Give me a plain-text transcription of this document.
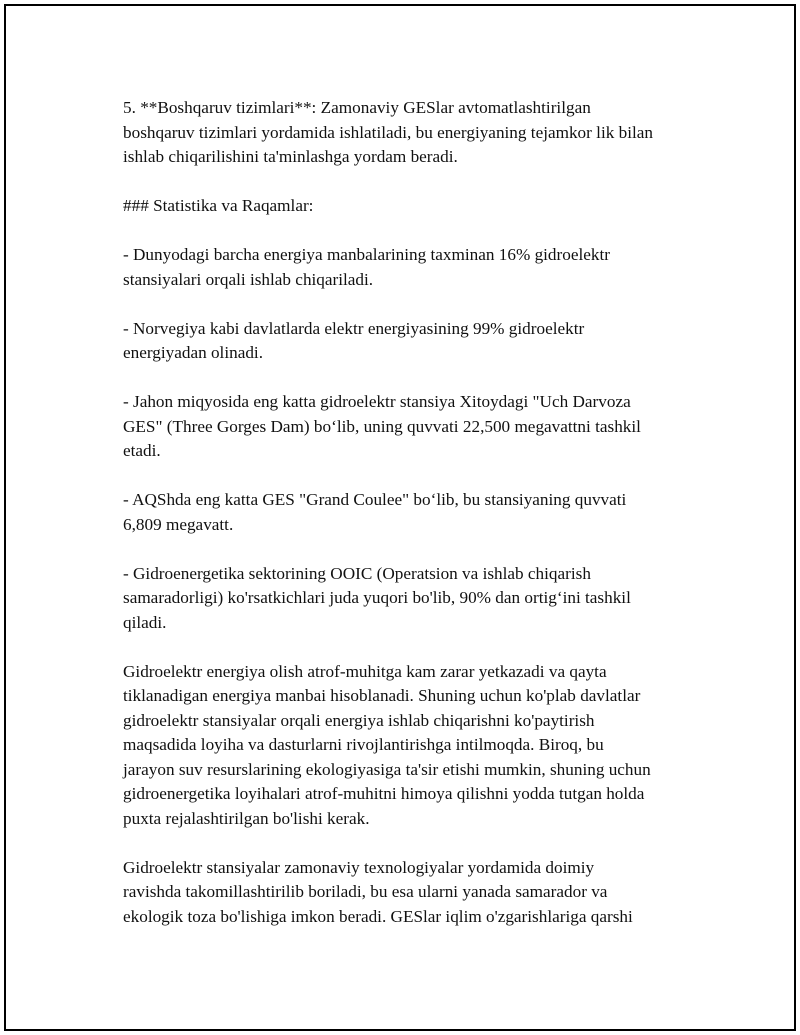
5. **Boshqaruv tizimlari**: Zamonaviy GESlar avtomatlashtirilgan
boshqaruv tizimlari yordamida ishlatiladi, bu energiyaning tejamkor lik bilan
ishlab chiqarilishini ta'minlashga yordam beradi.

### Statistika va Raqamlar:

- Dunyodagi barcha energiya manbalarining taxminan 16% gidroelektr
stansiyalari orqali ishlab chiqariladi.

- Norvegiya kabi davlatlarda elektr energiyasining 99% gidroelektr
energiyadan olinadi.

- Jahon miqyosida eng katta gidroelektr stansiya Xitoydagi "Uch Darvoza
GES" (Three Gorges Dam) bo‘lib, uning quvvati 22,500 megavattni tashkil
etadi.

- AQShda eng katta GES "Grand Coulee" bo‘lib, bu stansiyaning quvvati
6,809 megavatt.

- Gidroenergetika sektorining OOIC (Operatsion va ishlab chiqarish
samaradorligi) ko'rsatkichlari juda yuqori bo'lib, 90% dan ortig‘ini tashkil
qiladi.

Gidroelektr energiya olish atrof-muhitga kam zarar yetkazadi va qayta
tiklanadigan energiya manbai hisoblanadi. Shuning uchun ko'plab davlatlar
gidroelektr stansiyalar orqali energiya ishlab chiqarishni ko'paytirish
maqsadida loyiha va dasturlarni rivojlantirishga intilmoqda. Biroq, bu
jarayon suv resurslarining ekologiyasiga ta'sir etishi mumkin, shuning uchun
gidroenergetika loyihalari atrof-muhitni himoya qilishni yodda tutgan holda
puxta rejalashtirilgan bo'lishi kerak.

Gidroelektr stansiyalar zamonaviy texnologiyalar yordamida doimiy
ravishda takomillashtirilib boriladi, bu esa ularni yanada samarador va
ekologik toza bo'lishiga imkon beradi. GESlar iqlim o'zgarishlariga qarshi
